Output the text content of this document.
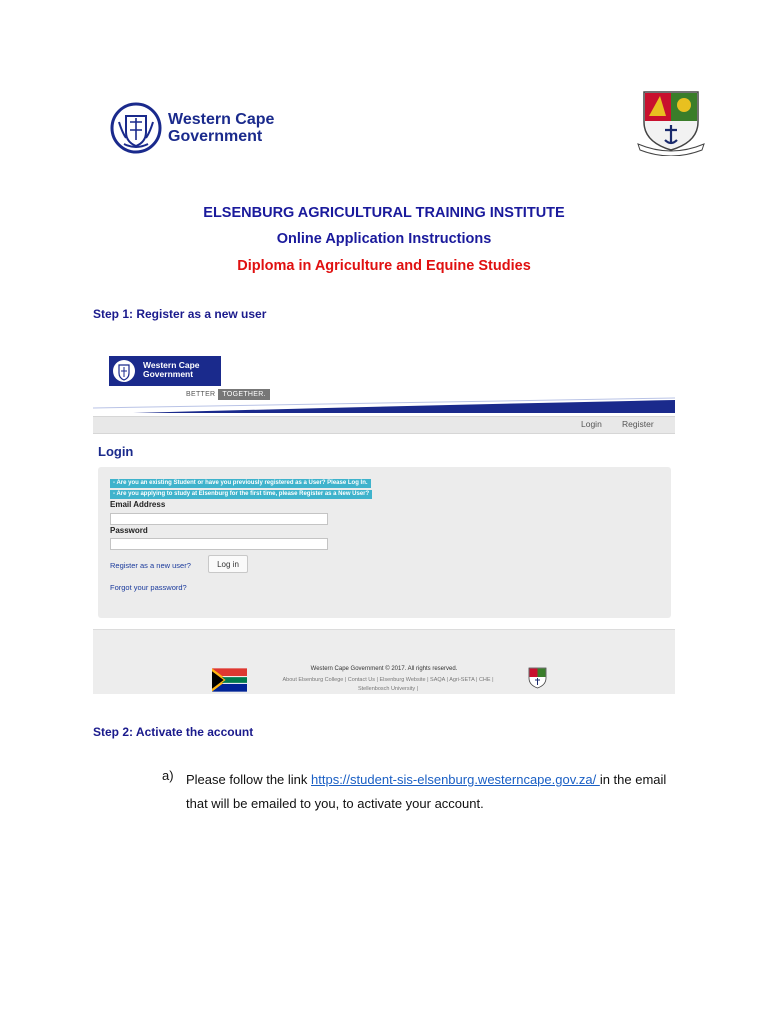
Western Cape
Government
ELSENBURG AGRICULTURAL TRAINING INSTITUTE
Online Application Instructions
Diploma in Agriculture and Equine Studies
Step 1: Register as a new user
Western Cape
Government
BETTER TOGETHER.
Login Register
Login
- Are you an existing Student or have you previously registered as a User? Please Log In.
- Are you applying to study at Elsenburg for the first time, please Register as a New User?
Email Address
Password
Register as a new user?	Log in
Forgot your password?
Western Cape Government © 2017. All rights reserved.
About Elsenburg College | Contact Us | Elsenburg Website | SAQA | Agri-SETA | CHE |
Stellenbosch University |
Step 2: Activate the account
a) Please follow the link https://student-sis-elsenburg.westerncape.gov.za/ in the email that will be emailed to you, to activate your account.
